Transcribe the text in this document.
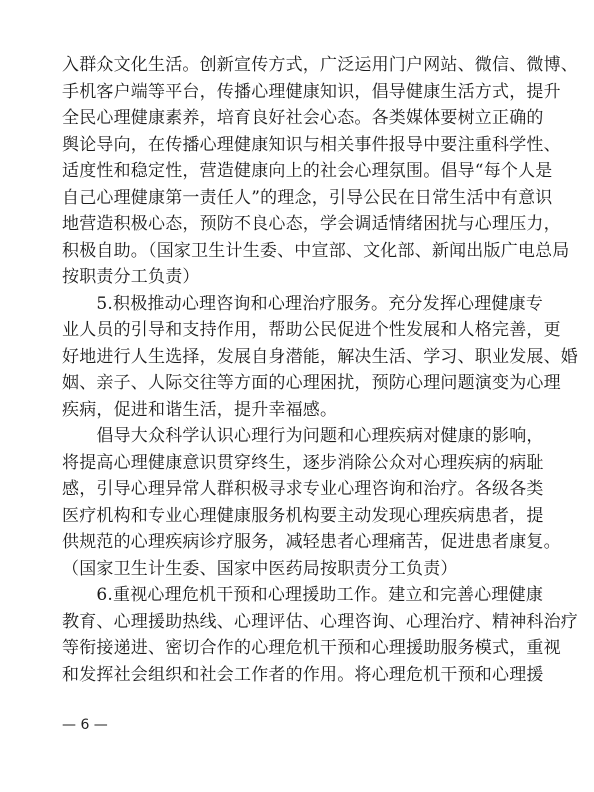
入群众文化生活。创新宣传方式，广泛运用门户网站、微信、微博、
手机客户端等平台，传播心理健康知识，倡导健康生活方式，提升
全民心理健康素养，培育良好社会心态。各类媒体要树立正确的
舆论导向，在传播心理健康知识与相关事件报导中要注重科学性、
适度性和稳定性，营造健康向上的社会心理氛围。倡导“每个人是
自己心理健康第一责任人”的理念，引导公民在日常生活中有意识
地营造积极心态，预防不良心态，学会调适情绪困扰与心理压力，
积极自助。（国家卫生计生委、中宣部、文化部、新闻出版广电总局
按职责分工负责）
　　5.积极推动心理咨询和心理治疗服务。充分发挥心理健康专
业人员的引导和支持作用，帮助公民促进个性发展和人格完善，更
好地进行人生选择，发展自身潜能，解决生活、学习、职业发展、婚
姻、亲子、人际交往等方面的心理困扰，预防心理问题演变为心理
疾病，促进和谐生活，提升幸福感。
　　倡导大众科学认识心理行为问题和心理疾病对健康的影响，
将提高心理健康意识贯穿终生，逐步消除公众对心理疾病的病耻
感，引导心理异常人群积极寻求专业心理咨询和治疗。各级各类
医疗机构和专业心理健康服务机构要主动发现心理疾病患者，提
供规范的心理疾病诊疗服务，减轻患者心理痛苦，促进患者康复。
（国家卫生计生委、国家中医药局按职责分工负责）
　　6.重视心理危机干预和心理援助工作。建立和完善心理健康
教育、心理援助热线、心理评估、心理咨询、心理治疗、精神科治疗
等衔接递进、密切合作的心理危机干预和心理援助服务模式，重视
和发挥社会组织和社会工作者的作用。将心理危机干预和心理援
— 6 —
